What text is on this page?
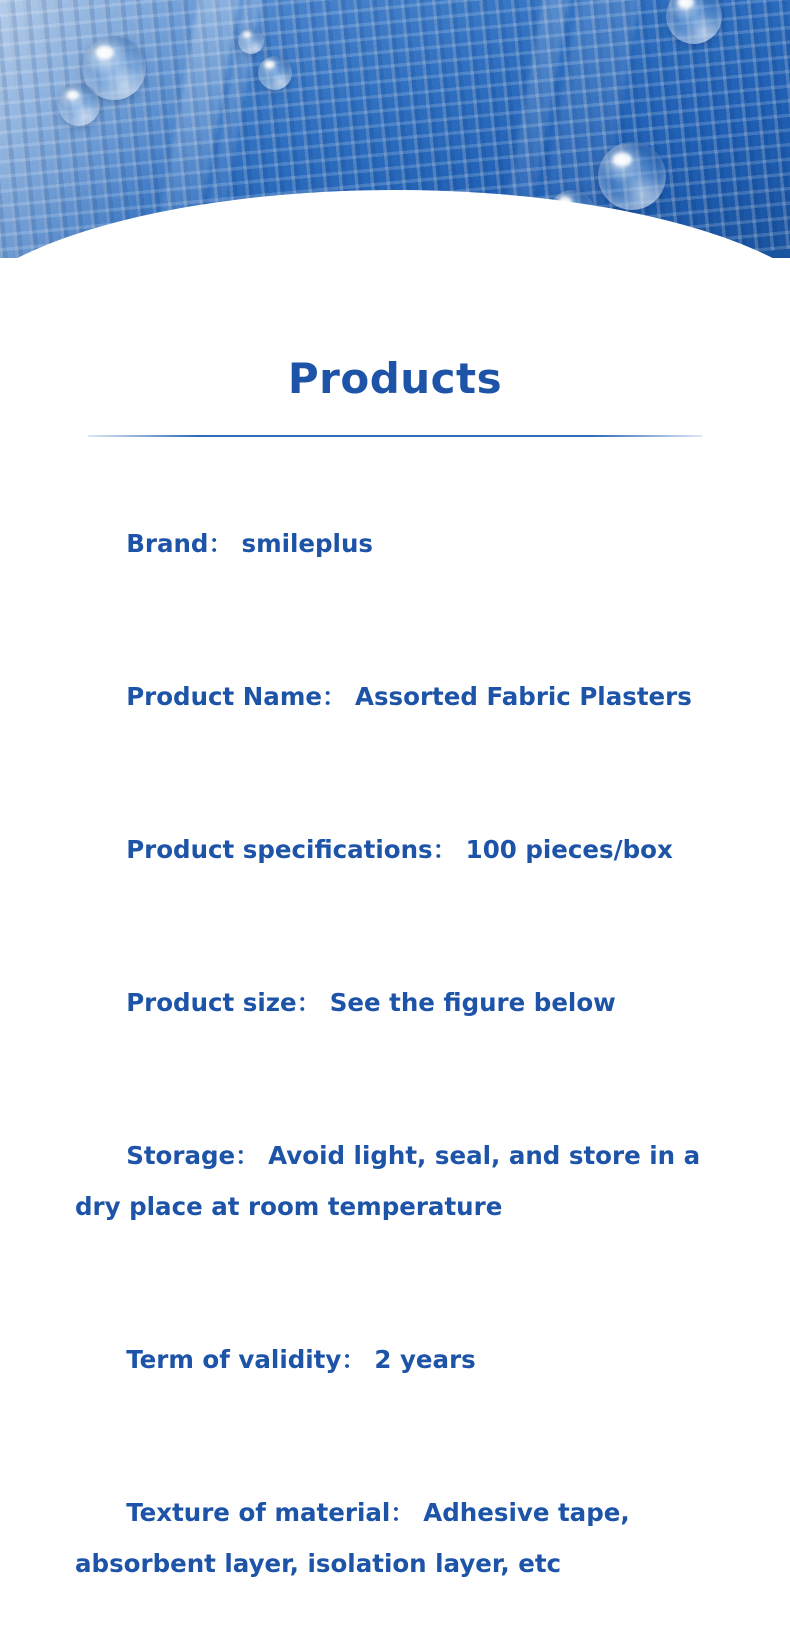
Products

Brand： smileplus

Product Name： Assorted Fabric Plasters

Product specifications： 100 pieces/box

Product size： See the figure below

Storage： Avoid light, seal, and store in a dry place at room temperature

Term of validity： 2 years

Texture of material： Adhesive tape, absorbent layer, isolation layer, etc
